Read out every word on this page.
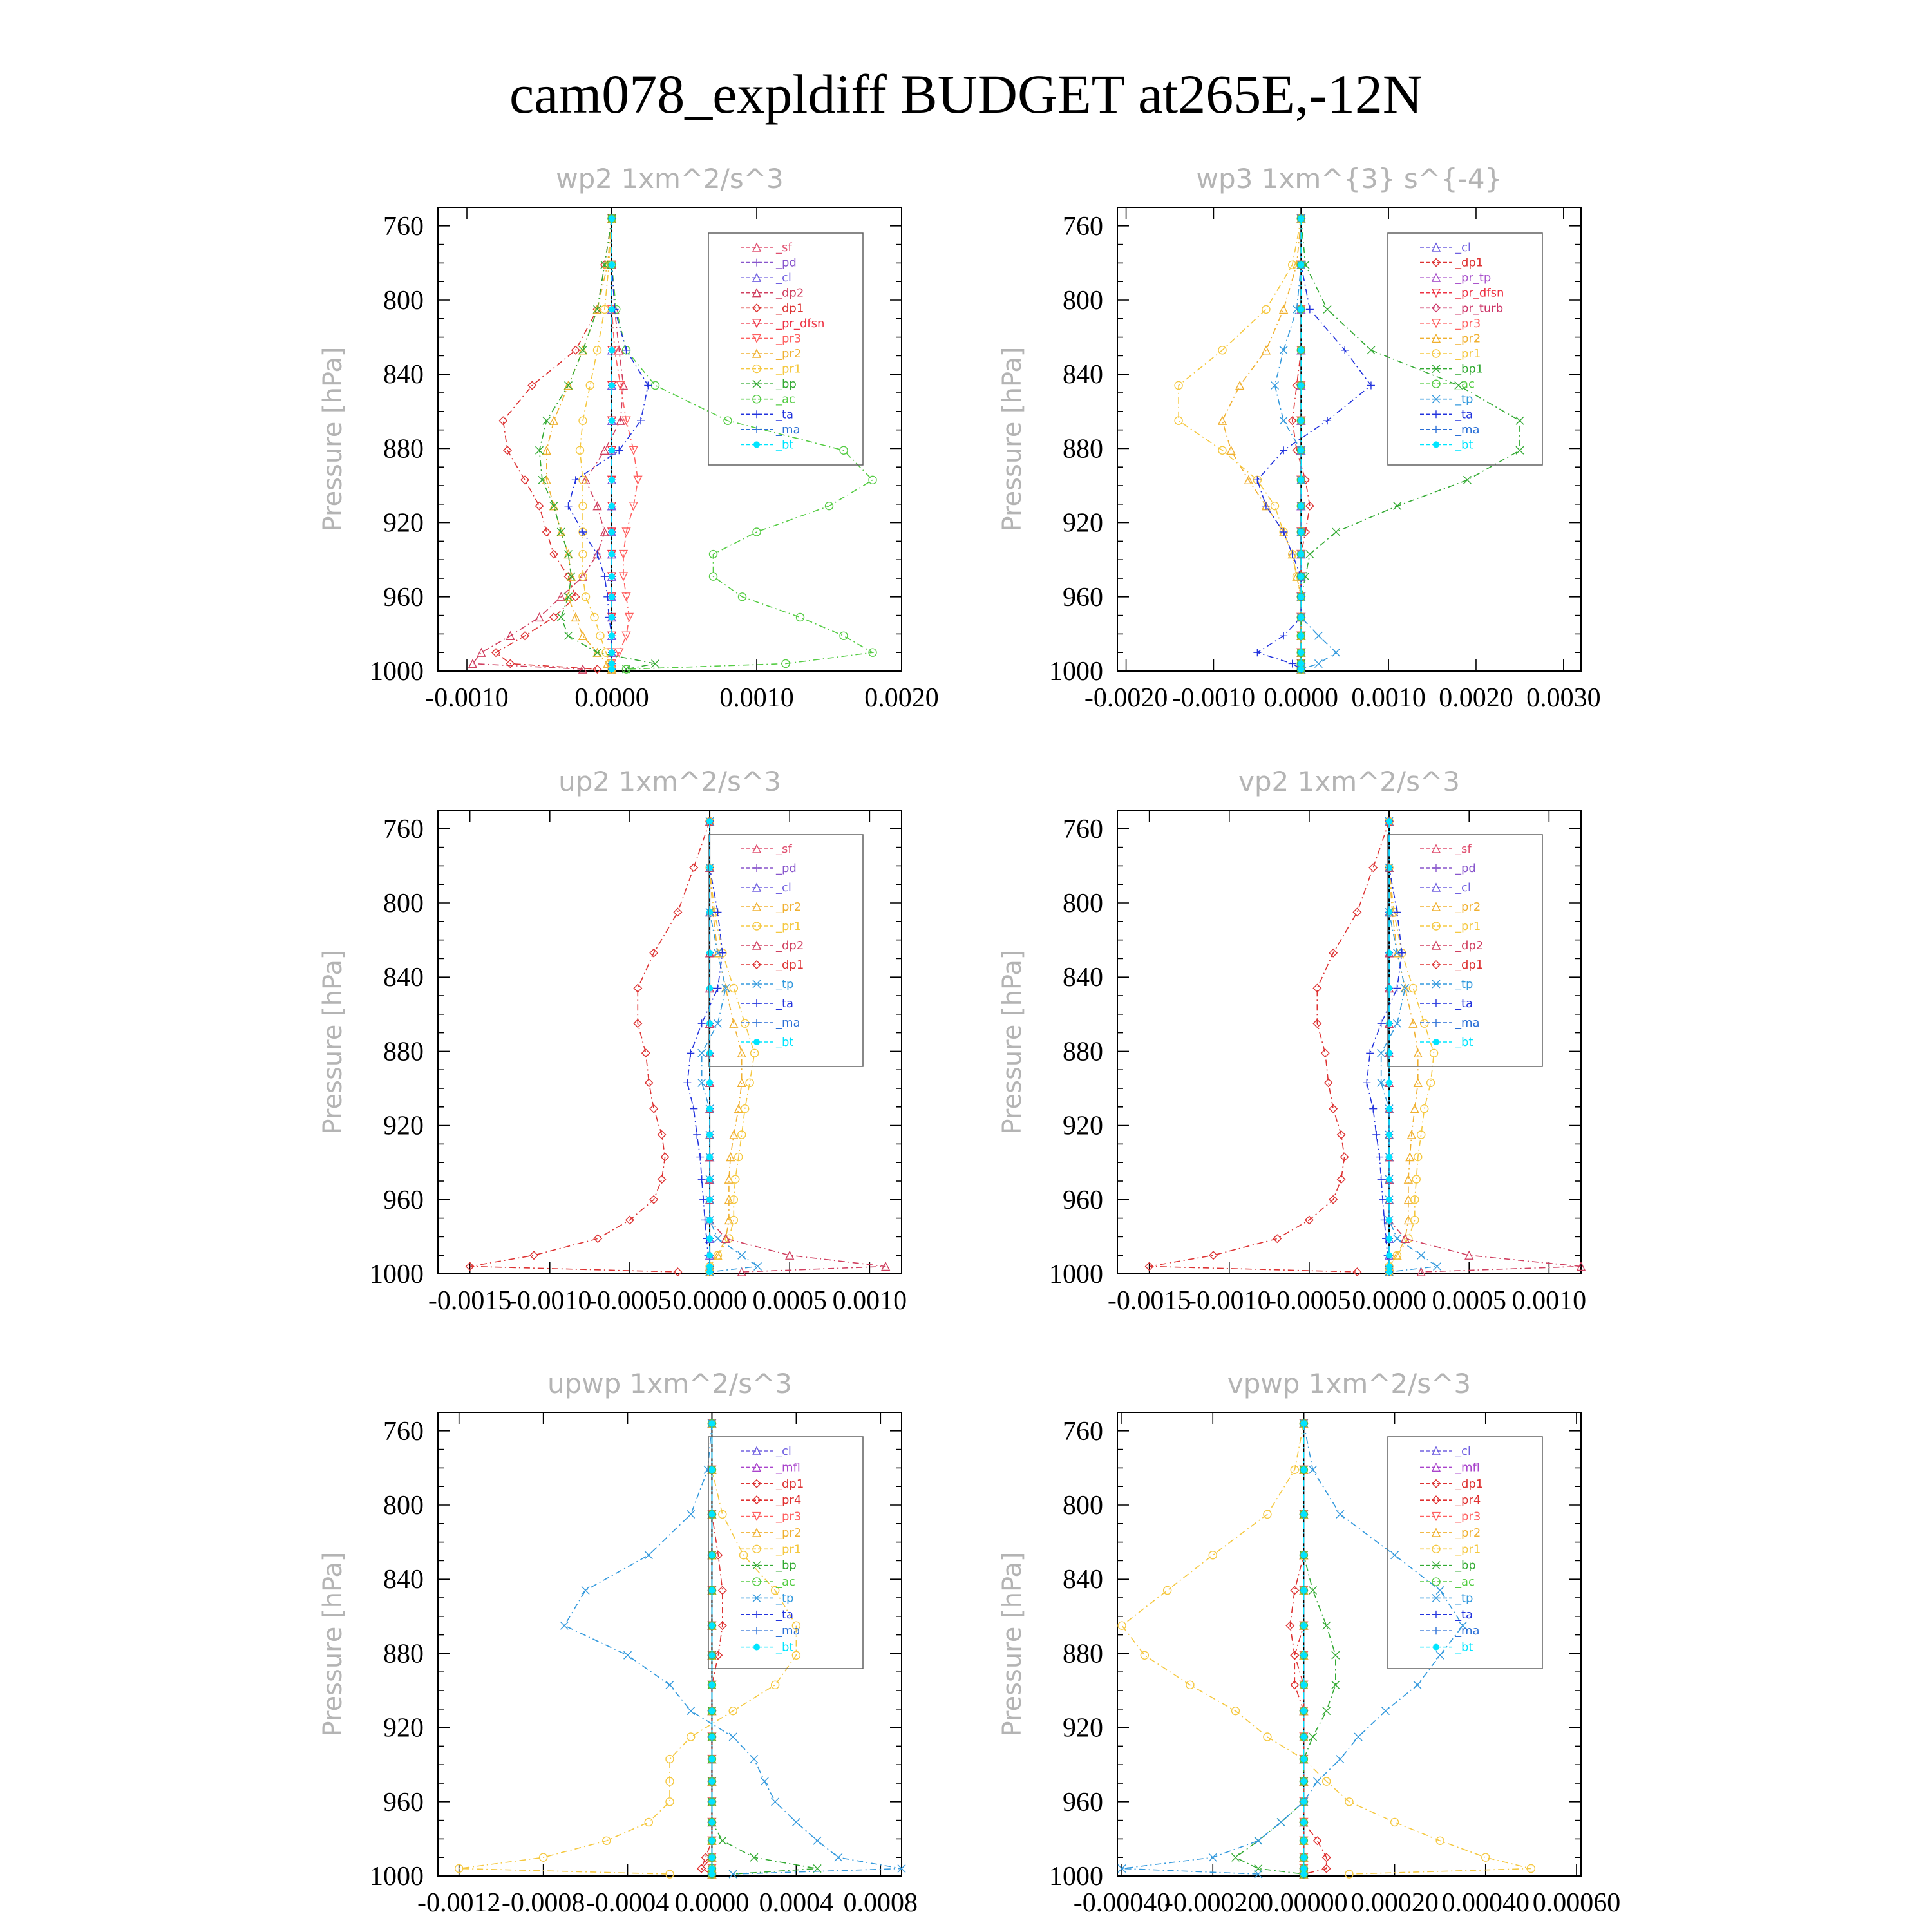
cam078_expldiff BUDGET at265E,-12N
wp2 1xm^2/s^3
Pressure [hPa]
760
800
840
880
920
960
1000
-0.0010 0.0000	0.0010	0.0020
_sf
_pd
_cl
_dp2
_dp1
_pr_dfsn
_pr3
_pr2
_pr1
_bp
_ac
_ta
_ma
_bt
wp3 1xm^{3} s^{-4}
Pressure [hPa]
760
800
840
880
920
960
1000
-0.0020 -0.0010 0.0000 0.0010 0.0020 0.0030
_cl
_dp1
_pr_tp
_pr_dfsn
_pr_turb
_pr3
_pr2
_pr1
_bp1
_ac
_tp
_ta
_ma
_bt
up2 1xm^2/s^3
Pressure [hPa]
760
800
840
880
920
960
1000
-0.0015
-0.0010
-0.0005 0.0000 0.0005 0.0010
_sf
_pd
_cl
_pr2
_pr1
_dp2
_dp1
_tp
_ta
_ma
_bt
vp2 1xm^2/s^3
Pressure [hPa]
760
800
840
880
920
960
1000
-0.0015
-0.0010
-0.0005 0.0000 0.0005 0.0010
_sf
_pd
_cl
_pr2
_pr1
_dp2
_dp1
_tp
_ta
_ma
_bt
upwp 1xm^2/s^3
Pressure [hPa]
760
800
840
880
920
960
1000
-0.0012 -0.0008 -0.0004 0.0000 0.0004 0.0008
_cl
_mfl
_dp1
_pr4
_pr3
_pr2
_pr1
_bp
_ac
_tp
_ta
_ma
_bt
vpwp 1xm^2/s^3
Pressure [hPa]
760
800
840
880
920
960
1000
-0.00040
-0.00020
0.00000 0.00020 0.00040 0.00060
_cl
_mfl
_dp1
_pr4
_pr3
_pr2
_pr1
_bp
_ac
_tp
_ta
_ma
_bt
